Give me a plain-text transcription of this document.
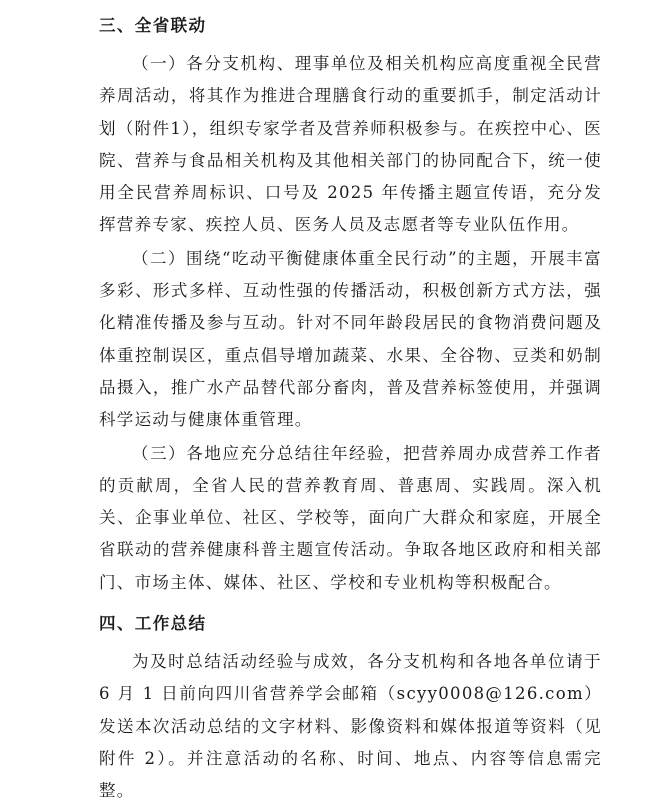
三、全省联动

（一）各分支机构、理事单位及相关机构应高度重视全民营养周活动，将其作为推进合理膳食行动的重要抓手，制定活动计划（附件1），组织专家学者及营养师积极参与。在疾控中心、医院、营养与食品相关机构及其他相关部门的协同配合下，统一使用全民营养周标识、口号及 2025 年传播主题宣传语，充分发挥营养专家、疾控人员、医务人员及志愿者等专业队伍作用。

（二）围绕“吃动平衡健康体重全民行动”的主题，开展丰富多彩、形式多样、互动性强的传播活动，积极创新方式方法，强化精准传播及参与互动。针对不同年龄段居民的食物消费问题及体重控制误区，重点倡导增加蔬菜、水果、全谷物、豆类和奶制品摄入，推广水产品替代部分畜肉，普及营养标签使用，并强调科学运动与健康体重管理。

（三）各地应充分总结往年经验，把营养周办成营养工作者的贡献周，全省人民的营养教育周、普惠周、实践周。深入机关、企事业单位、社区、学校等，面向广大群众和家庭，开展全省联动的营养健康科普主题宣传活动。争取各地区政府和相关部门、市场主体、媒体、社区、学校和专业机构等积极配合。

四、工作总结

为及时总结活动经验与成效，各分支机构和各地各单位请于 6 月 1 日前向四川省营养学会邮箱（scyy0008@126.com）发送本次活动总结的文字材料、影像资料和媒体报道等资料（见附件 2）。并注意活动的名称、时间、地点、内容等信息需完整。
